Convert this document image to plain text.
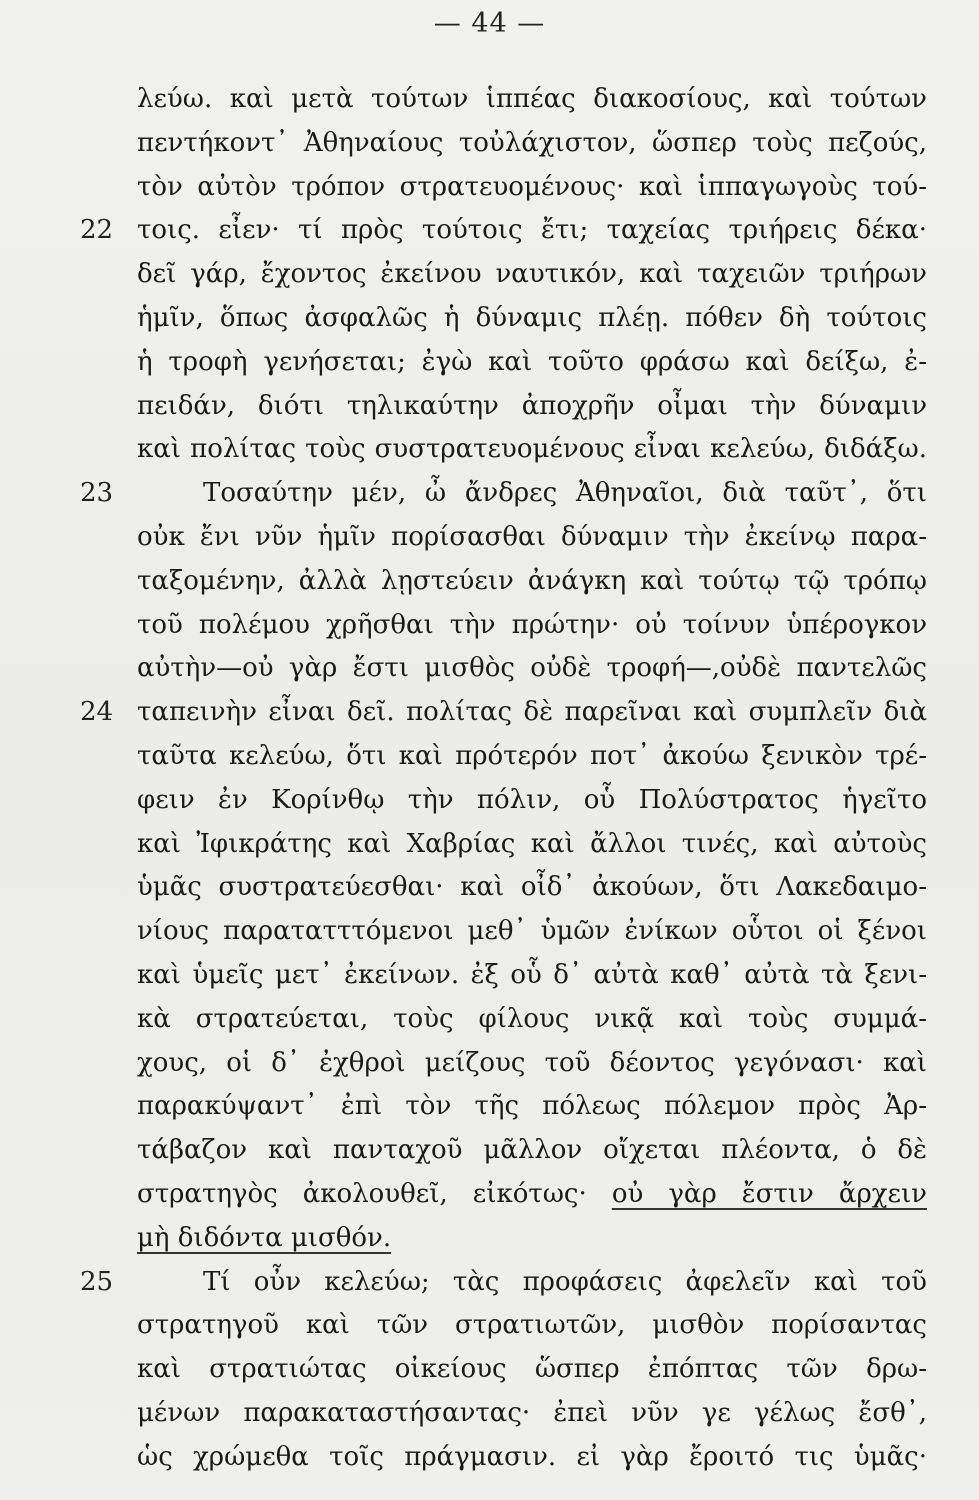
— 44 —
λεύω. καὶ μετὰ τούτων ἱππέας διακοσίους, καὶ τούτων
πεντήκοντ᾽ Ἀθηναίους τοὐλάχιστον, ὥσπερ τοὺς πεζούς,
τὸν αὐτὸν τρόπον στρατευομένους· καὶ ἱππαγωγοὺς τού-
22 τοις. εἶεν· τί πρὸς τούτοις ἔτι; ταχείας τριήρεις δέκα·
δεῖ γάρ, ἔχοντος ἐκείνου ναυτικόν, καὶ ταχειῶν τριήρων
ἡμῖν, ὅπως ἀσφαλῶς ἡ δύναμις πλέῃ. πόθεν δὴ τούτοις
ἡ τροφὴ γενήσεται; ἐγὼ καὶ τοῦτο φράσω καὶ δείξω, ἐ-
πειδάν, διότι τηλικαύτην ἀποχρῆν οἶμαι τὴν δύναμιν
καὶ πολίτας τοὺς συστρατευομένους εἶναι κελεύω, διδάξω.
23	Τοσαύτην μέν, ὦ ἄνδρες Ἀθηναῖοι, διὰ ταῦτ᾽, ὅτι
οὐκ ἔνι νῦν ἡμῖν πορίσασθαι δύναμιν τὴν ἐκείνῳ παρα-
ταξομένην, ἀλλὰ λῃστεύειν ἀνάγκη καὶ τούτῳ τῷ τρόπῳ
τοῦ πολέμου χρῆσθαι τὴν πρώτην· οὐ τοίνυν ὑπέρογκον
αὐτὴν—οὐ γὰρ ἔστι μισθὸς οὐδὲ τροφή—,οὐδὲ παντελῶς
24 ταπεινὴν εἶναι δεῖ. πολίτας δὲ παρεῖναι καὶ συμπλεῖν διὰ
ταῦτα κελεύω, ὅτι καὶ πρότερόν ποτ᾽ ἀκούω ξενικὸν τρέ-
φειν ἐν Κορίνθῳ τὴν πόλιν, οὗ Πολύστρατος ἡγεῖτο
καὶ Ἰφικράτης καὶ Χαβρίας καὶ ἄλλοι τινές, καὶ αὐτοὺς
ὑμᾶς συστρατεύεσθαι· καὶ οἶδ᾽ ἀκούων, ὅτι Λακεδαιμο-
νίους παρατατττόμενοι μεθ᾽ ὑμῶν ἐνίκων οὗτοι οἱ ξένοι
καὶ ὑμεῖς μετ᾽ ἐκείνων. ἐξ οὗ δ᾽ αὐτὰ καθ᾽ αὐτὰ τὰ ξενι-
κὰ στρατεύεται, τοὺς φίλους νικᾷ καὶ τοὺς συμμά-
χους, οἱ δ᾽ ἐχθροὶ μείζους τοῦ δέοντος γεγόνασι· καὶ
παρακύψαντ᾽ ἐπὶ τὸν τῆς πόλεως πόλεμον πρὸς Ἀρ-
τάβαζον καὶ πανταχοῦ μᾶλλον οἴχεται πλέοντα, ὁ δὲ
στρατηγὸς ἀκολουθεῖ, εἰκότως· οὐ γὰρ ἔστιν ἄρχειν
μὴ διδόντα μισθόν.
25	Τί οὖν κελεύω; τὰς προφάσεις ἀφελεῖν καὶ τοῦ
στρατηγοῦ καὶ τῶν στρατιωτῶν, μισθὸν πορίσαντας
καὶ στρατιώτας οἰκείους ὥσπερ ἐπόπτας τῶν δρω-
μένων παρακαταστήσαντας· ἐπεὶ νῦν γε γέλως ἔσθ᾽,
ὡς χρώμεθα τοῖς πράγμασιν. εἰ γὰρ ἔροιτό τις ὑμᾶς·
